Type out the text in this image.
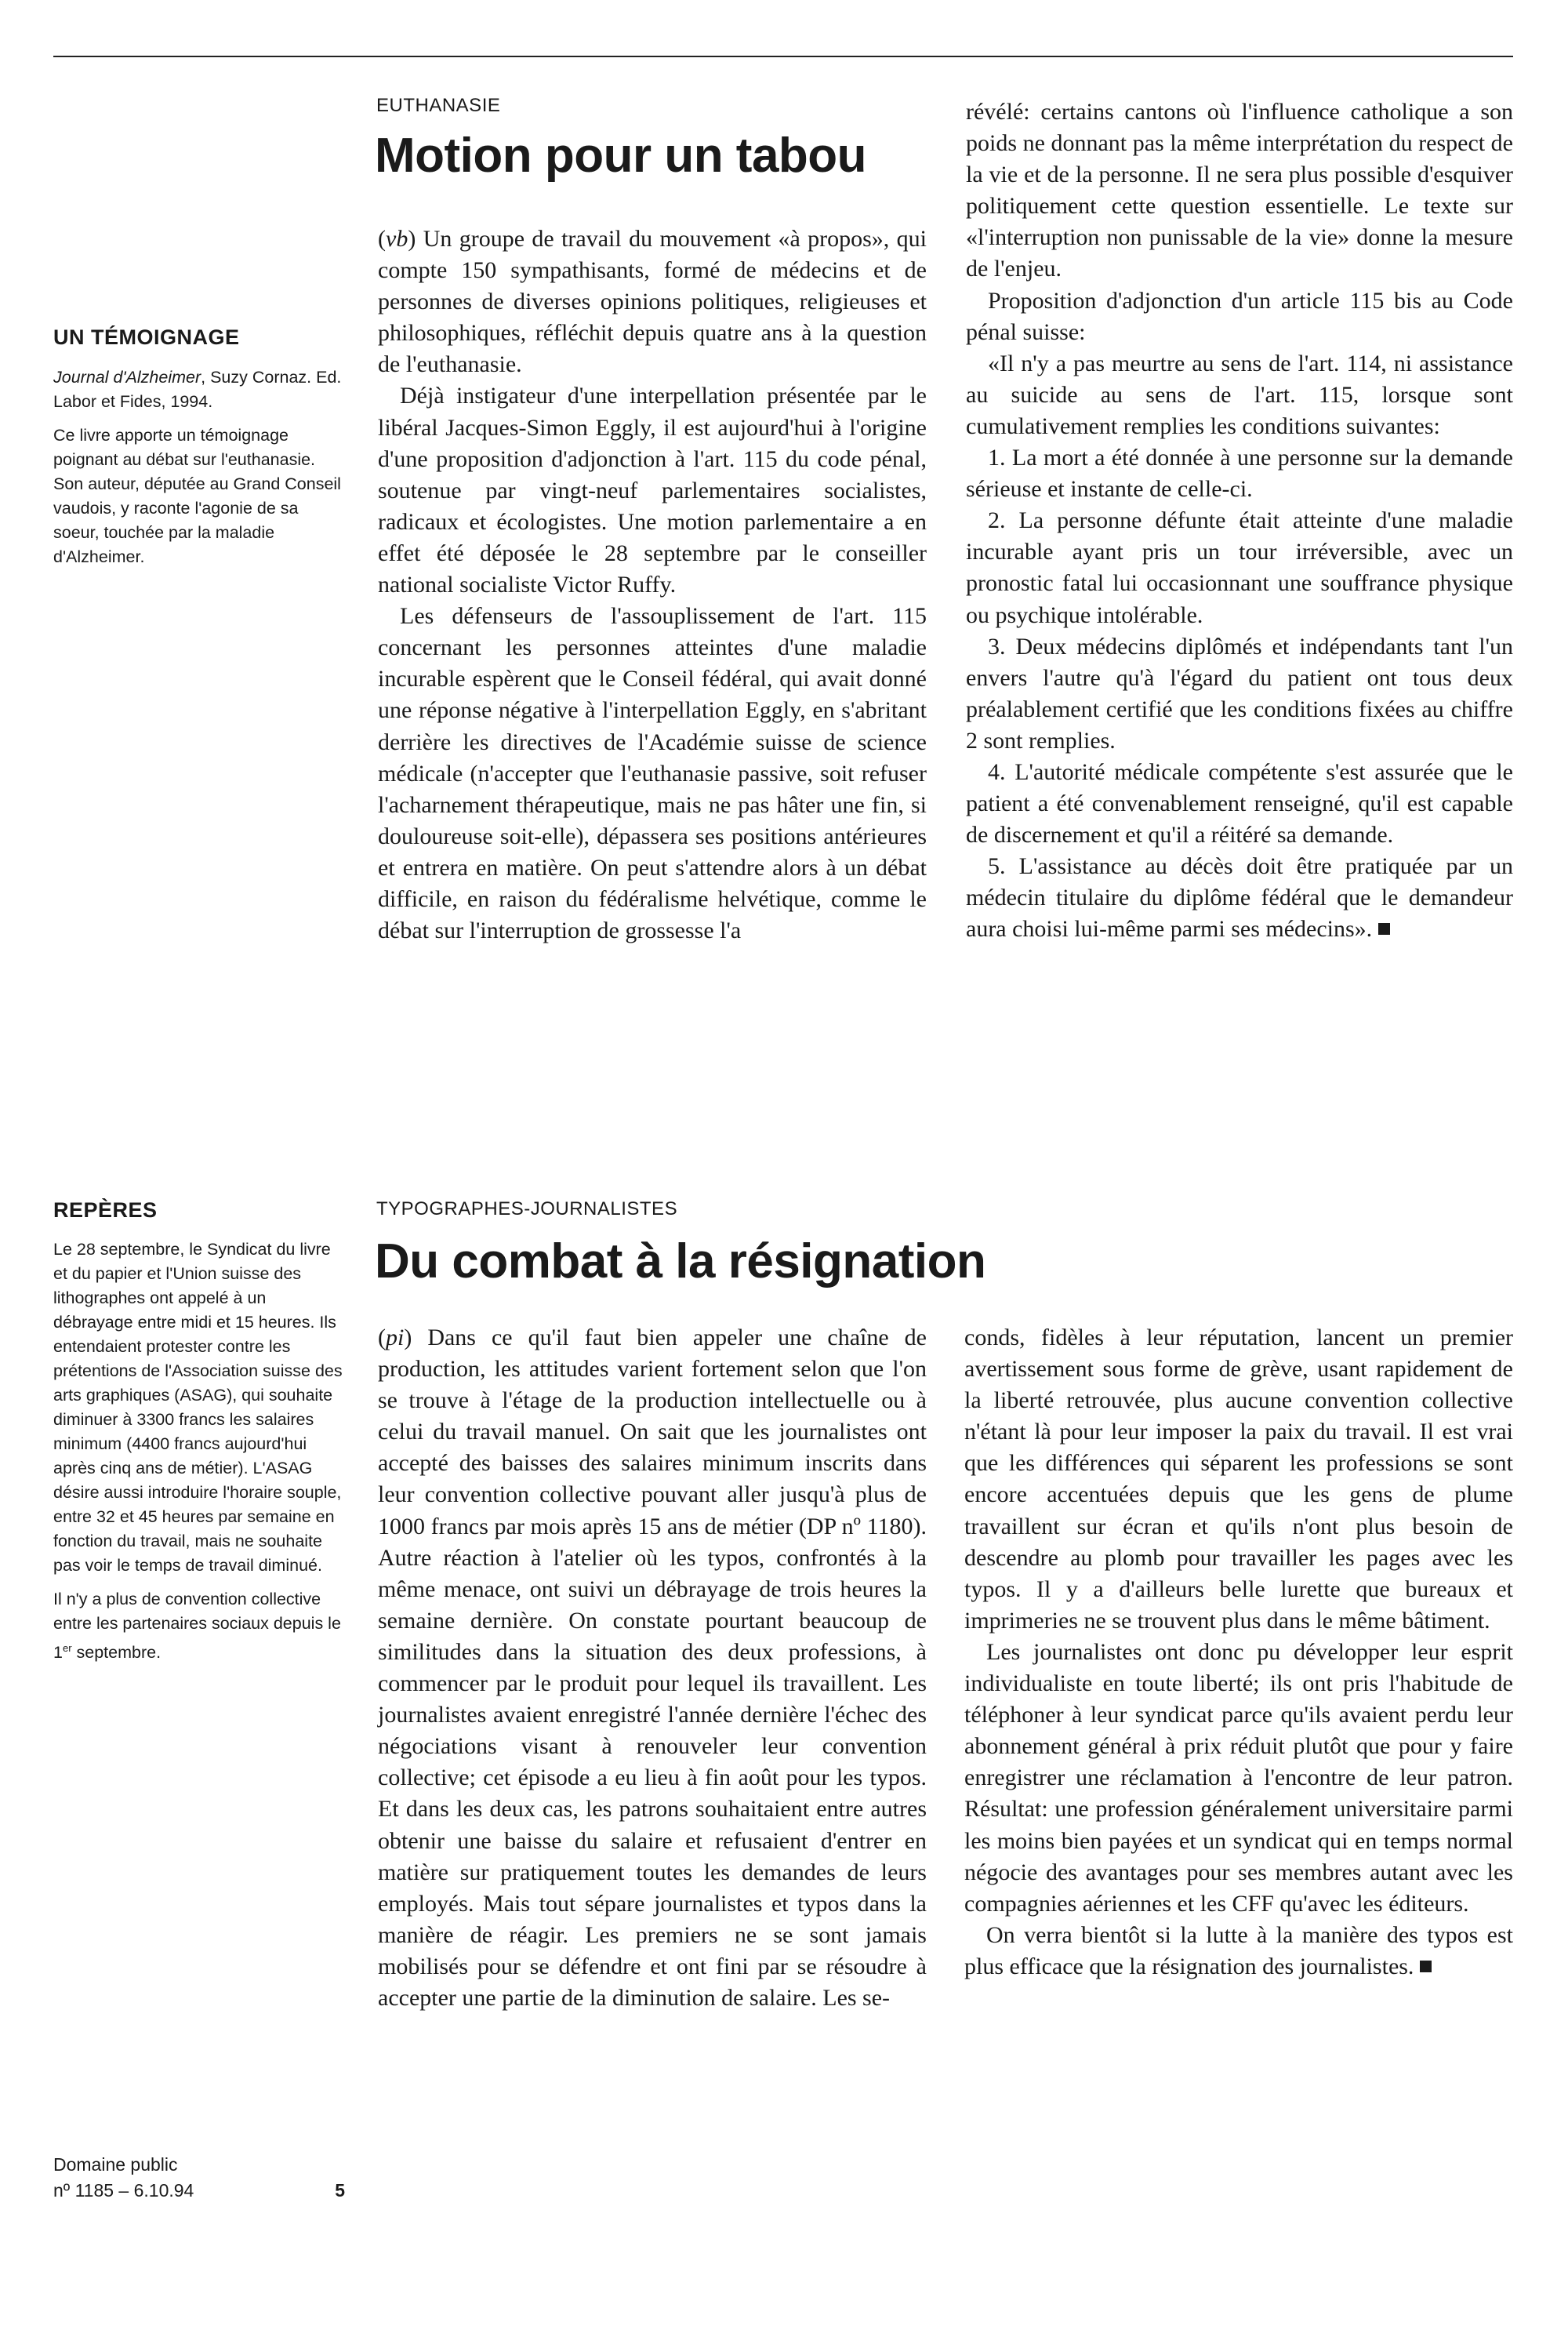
UN TÉMOIGNAGE

Journal d'Alzheimer, Suzy Cornaz. Ed. Labor et Fides, 1994.

Ce livre apporte un témoignage poignant au débat sur l'euthanasie. Son auteur, députée au Grand Conseil vaudois, y raconte l'agonie de sa soeur, touchée par la maladie d'Alzheimer.

REPÈRES

Le 28 septembre, le Syndicat du livre et du papier et l'Union suisse des lithographes ont appelé à un débrayage entre midi et 15 heures. Ils entendaient protester contre les prétentions de l'Association suisse des arts graphiques (ASAG), qui souhaite diminuer à 3300 francs les salaires minimum (4400 francs aujourd'hui après cinq ans de métier). L'ASAG désire aussi introduire l'horaire souple, entre 32 et 45 heures par semaine en fonction du travail, mais ne souhaite pas voir le temps de travail diminué.

Il n'y a plus de convention collective entre les partenaires sociaux depuis le 1er septembre.

Domaine public
nº 1185 – 6.10.94	5
EUTHANASIE
Motion pour un tabou

(vb) Un groupe de travail du mouvement «à propos», qui compte 150 sympathisants, formé de médecins et de personnes de diverses opinions politiques, religieuses et philosophiques, réfléchit depuis quatre ans à la question de l'euthanasie.

Déjà instigateur d'une interpellation présentée par le libéral Jacques-Simon Eggly, il est aujourd'hui à l'origine d'une proposition d'adjonction à l'art. 115 du code pénal, soutenue par vingt-neuf parlementaires socialistes, radicaux et écologistes. Une motion parlementaire a en effet été déposée le 28 septembre par le conseiller national socialiste Victor Ruffy.

Les défenseurs de l'assouplissement de l'art. 115 concernant les personnes atteintes d'une maladie incurable espèrent que le Conseil fédéral, qui avait donné une réponse négative à l'interpellation Eggly, en s'abritant derrière les directives de l'Académie suisse de science médicale (n'accepter que l'euthanasie passive, soit refuser l'acharnement thérapeutique, mais ne pas hâter une fin, si douloureuse soit-elle), dépassera ses positions antérieures et entrera en matière. On peut s'attendre alors à un débat difficile, en raison du fédéralisme helvétique, comme le débat sur l'interruption de grossesse l'a

révélé: certains cantons où l'influence catholique a son poids ne donnant pas la même interprétation du respect de la vie et de la personne. Il ne sera plus possible d'esquiver politiquement cette question essentielle. Le texte sur «l'interruption non punissable de la vie» donne la mesure de l'enjeu.

Proposition d'adjonction d'un article 115 bis au Code pénal suisse:

«Il n'y a pas meurtre au sens de l'art. 114, ni assistance au suicide au sens de l'art. 115, lorsque sont cumulativement remplies les conditions suivantes:

1. La mort a été donnée à une personne sur la demande sérieuse et instante de celle-ci.

2. La personne défunte était atteinte d'une maladie incurable ayant pris un tour irréversible, avec un pronostic fatal lui occasionnant une souffrance physique ou psychique intolérable.

3. Deux médecins diplômés et indépendants tant l'un envers l'autre qu'à l'égard du patient ont tous deux préalablement certifié que les conditions fixées au chiffre 2 sont remplies.

4. L'autorité médicale compétente s'est assurée que le patient a été convenablement renseigné, qu'il est capable de discernement et qu'il a réitéré sa demande.

5. L'assistance au décès doit être pratiquée par un médecin titulaire du diplôme fédéral que le demandeur aura choisi lui-même parmi ses médecins».

TYPOGRAPHES-JOURNALISTES
Du combat à la résignation

(pi) Dans ce qu'il faut bien appeler une chaîne de production, les attitudes varient fortement selon que l'on se trouve à l'étage de la production intellectuelle ou à celui du travail manuel. On sait que les journalistes ont accepté des baisses des salaires minimum inscrits dans leur convention collective pouvant aller jusqu'à plus de 1000 francs par mois après 15 ans de métier (DP nº 1180). Autre réaction à l'atelier où les typos, confrontés à la même menace, ont suivi un débrayage de trois heures la semaine dernière. On constate pourtant beaucoup de similitudes dans la situation des deux professions, à commencer par le produit pour lequel ils travaillent. Les journalistes avaient enregistré l'année dernière l'échec des négociations visant à renouveler leur convention collective; cet épisode a eu lieu à fin août pour les typos. Et dans les deux cas, les patrons souhaitaient entre autres obtenir une baisse du salaire et refusaient d'entrer en matière sur pratiquement toutes les demandes de leurs employés. Mais tout sépare journalistes et typos dans la manière de réagir. Les premiers ne se sont jamais mobilisés pour se défendre et ont fini par se résoudre à accepter une partie de la diminution de salaire. Les se-

conds, fidèles à leur réputation, lancent un premier avertissement sous forme de grève, usant rapidement de la liberté retrouvée, plus aucune convention collective n'étant là pour leur imposer la paix du travail. Il est vrai que les différences qui séparent les professions se sont encore accentuées depuis que les gens de plume travaillent sur écran et qu'ils n'ont plus besoin de descendre au plomb pour travailler les pages avec les typos. Il y a d'ailleurs belle lurette que bureaux et imprimeries ne se trouvent plus dans le même bâtiment.

Les journalistes ont donc pu développer leur esprit individualiste en toute liberté; ils ont pris l'habitude de téléphoner à leur syndicat parce qu'ils avaient perdu leur abonnement général à prix réduit plutôt que pour y faire enregistrer une réclamation à l'encontre de leur patron. Résultat: une profession généralement universitaire parmi les moins bien payées et un syndicat qui en temps normal négocie des avantages pour ses membres autant avec les compagnies aériennes et les CFF qu'avec les éditeurs.

On verra bientôt si la lutte à la manière des typos est plus efficace que la résignation des journalistes.
